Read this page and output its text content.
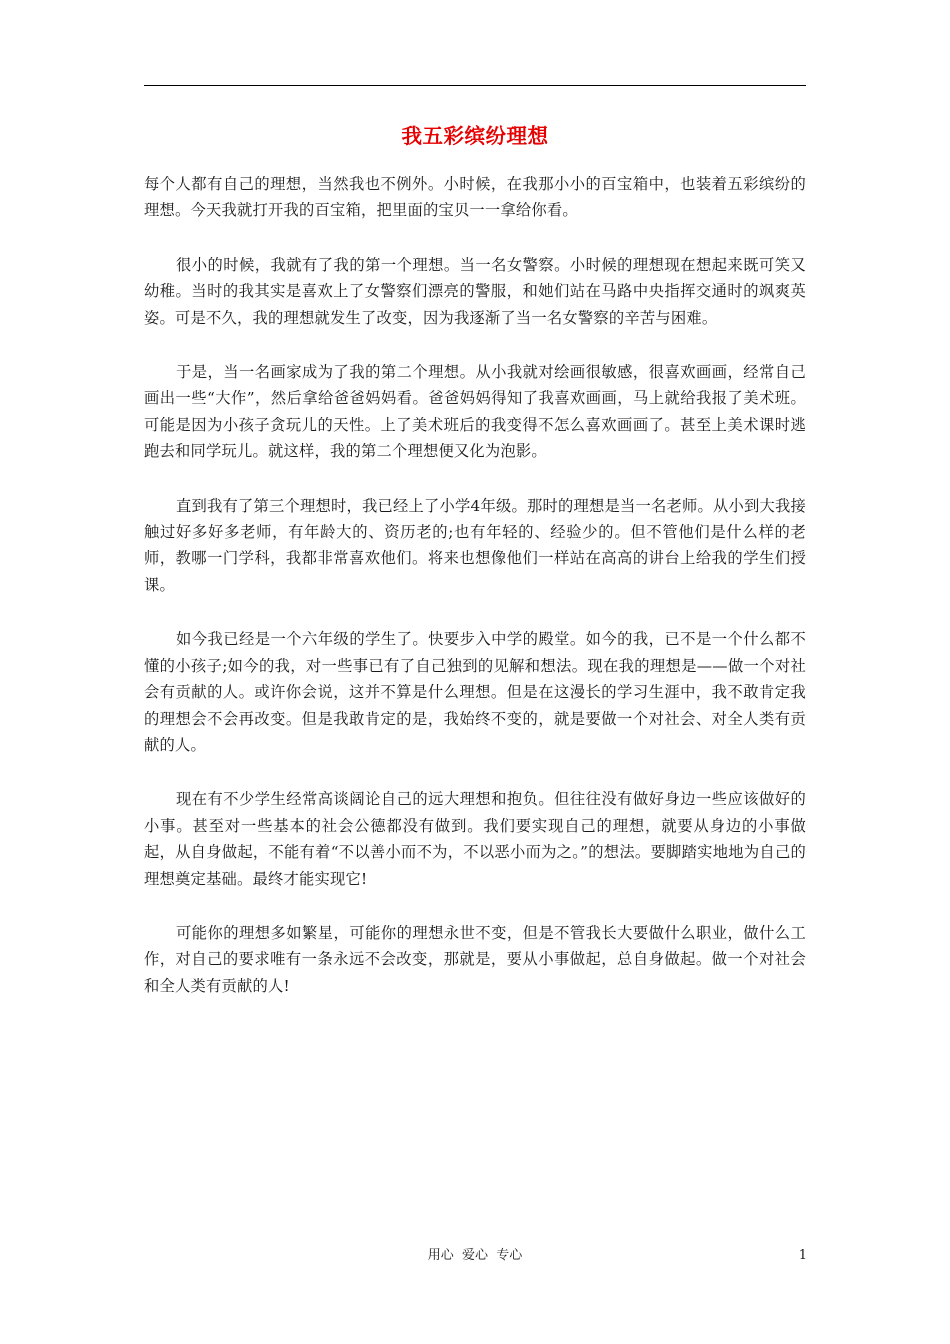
我五彩缤纷理想

每个人都有自己的理想，当然我也不例外。小时候，在我那小小的百宝箱中，也装着五彩缤纷的理想。今天我就打开我的百宝箱，把里面的宝贝一一拿给你看。

很小的时候，我就有了我的第一个理想。当一名女警察。小时候的理想现在想起来既可笑又幼稚。当时的我其实是喜欢上了女警察们漂亮的警服，和她们站在马路中央指挥交通时的飒爽英姿。可是不久，我的理想就发生了改变，因为我逐渐了当一名女警察的辛苦与困难。

于是，当一名画家成为了我的第二个理想。从小我就对绘画很敏感，很喜欢画画，经常自己画出一些“大作”，然后拿给爸爸妈妈看。爸爸妈妈得知了我喜欢画画，马上就给我报了美术班。可能是因为小孩子贪玩儿的天性。上了美术班后的我变得不怎么喜欢画画了。甚至上美术课时逃跑去和同学玩儿。就这样，我的第二个理想便又化为泡影。

直到我有了第三个理想时，我已经上了小学4年级。那时的理想是当一名老师。从小到大我接触过好多好多老师，有年龄大的、资历老的;也有年轻的、经验少的。但不管他们是什么样的老师，教哪一门学科，我都非常喜欢他们。将来也想像他们一样站在高高的讲台上给我的学生们授课。

如今我已经是一个六年级的学生了。快要步入中学的殿堂。如今的我，已不是一个什么都不懂的小孩子;如今的我，对一些事已有了自己独到的见解和想法。现在我的理想是——做一个对社会有贡献的人。或许你会说，这并不算是什么理想。但是在这漫长的学习生涯中，我不敢肯定我的理想会不会再改变。但是我敢肯定的是，我始终不变的，就是要做一个对社会、对全人类有贡献的人。

现在有不少学生经常高谈阔论自己的远大理想和抱负。但往往没有做好身边一些应该做好的小事。甚至对一些基本的社会公德都没有做到。我们要实现自己的理想，就要从身边的小事做起，从自身做起，不能有着“不以善小而不为，不以恶小而为之。”的想法。要脚踏实地地为自己的理想奠定基础。最终才能实现它!

可能你的理想多如繁星，可能你的理想永世不变，但是不管我长大要做什么职业，做什么工作，对自己的要求唯有一条永远不会改变，那就是，要从小事做起，总自身做起。做一个对社会和全人类有贡献的人!

用心  爱心  专心	1
